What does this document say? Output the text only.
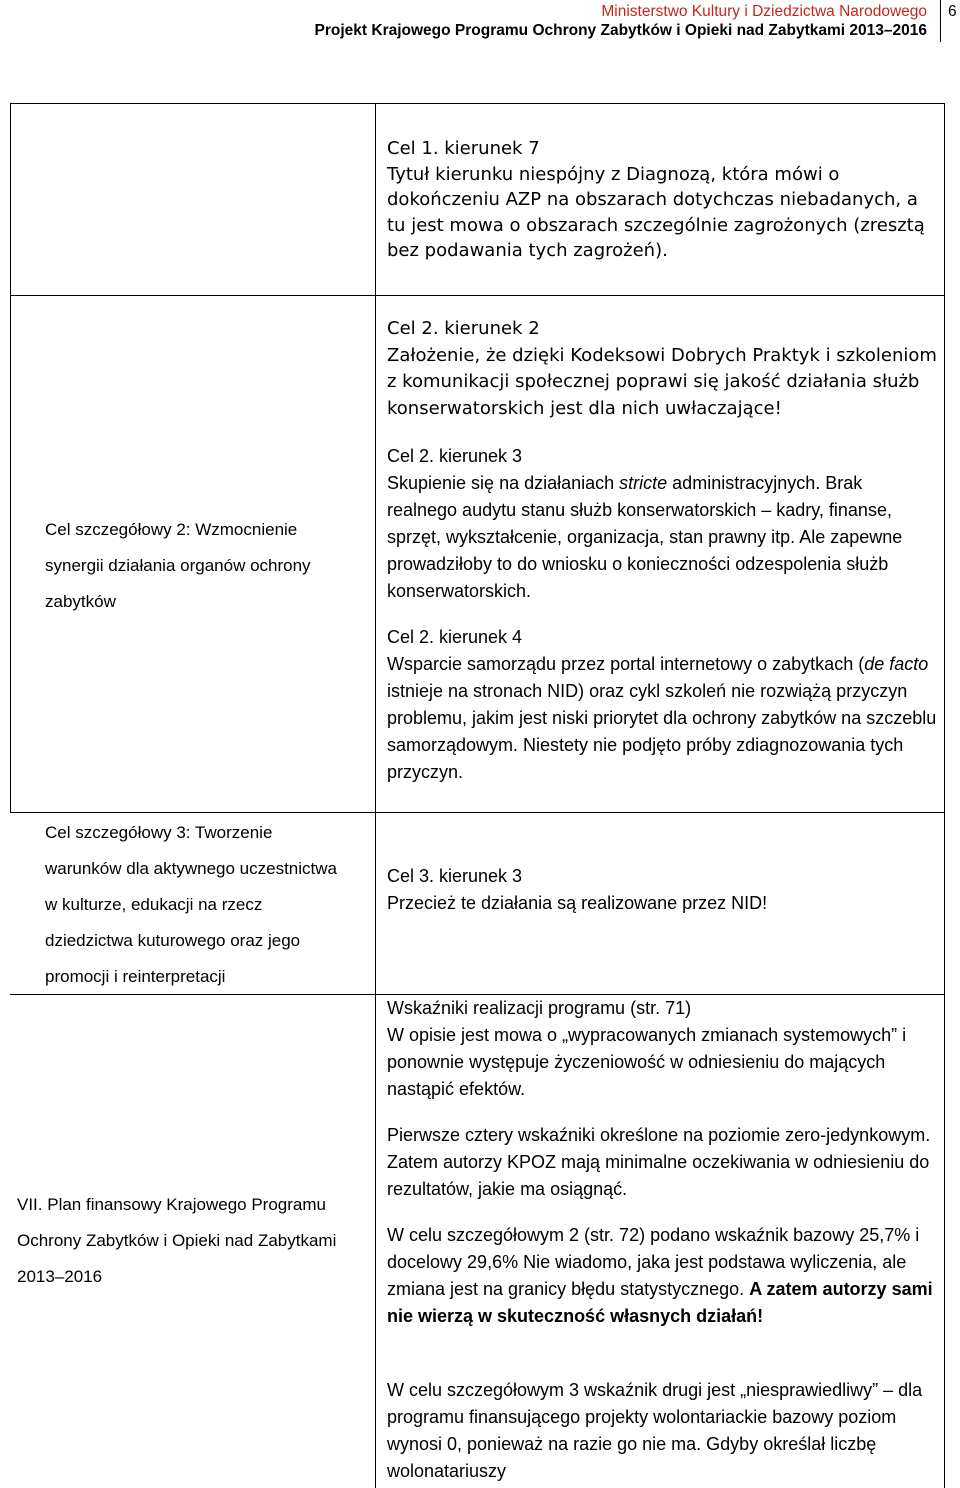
Ministerstwo Kultury i Dziedzictwa Narodowego
Projekt Krajowego Programu Ochrony Zabytków i Opieki nad Zabytkami 2013–2016
6

Cel szczegółowy 2: Wzmocnienie

synergii działania organów ochrony

zabytków

Cel szczegółowy 3: Tworzenie

warunków dla aktywnego uczestnictwa

w kulturze, edukacji na rzecz

dziedzictwa kuturowego oraz jego

promocji i reinterpretacji

VII. Plan finansowy Krajowego Programu

Ochrony Zabytków i Opieki nad Zabytkami

2013–2016

Cel 1. kierunek 7

Tytuł kierunku niespójny z Diagnozą, która mówi o dokończeniu AZP na obszarach dotychczas niebadanych, a tu jest mowa o obszarach szczególnie zagrożonych (zresztą bez podawania tych zagrożeń).

Cel 2. kierunek 2

Założenie, że dzięki Kodeksowi Dobrych Praktyk i szkoleniom z komunikacji społecznej poprawi się jakość działania służb konserwatorskich jest dla nich uwłaczające!

Cel 2. kierunek 3

Skupienie się na działaniach stricte administracyjnych. Brak realnego audytu stanu służb konserwatorskich – kadry, finanse, sprzęt, wykształcenie, organizacja, stan prawny itp. Ale zapewne prowadziłoby to do wniosku o konieczności odzespolenia służb konserwatorskich.

Cel 2. kierunek 4

Wsparcie samorządu przez portal internetowy o zabytkach (de facto istnieje na stronach NID) oraz cykl szkoleń nie rozwiążą przyczyn problemu, jakim jest niski priorytet dla ochrony zabytków na szczeblu samorządowym. Niestety nie podjęto próby zdiagnozowania tych przyczyn.

Cel 3. kierunek 3

Przecież te działania są realizowane przez NID!

Wskaźniki realizacji programu (str. 71)

W opisie jest mowa o „wypracowanych zmianach systemowych” i ponownie występuje życzeniowość w odniesieniu do mających nastąpić efektów.

Pierwsze cztery wskaźniki określone na poziomie zero-jedynkowym. Zatem autorzy KPOZ mają minimalne oczekiwania w odniesieniu do rezultatów, jakie ma osiągnąć.

W celu szczegółowym 2 (str. 72) podano wskaźnik bazowy 25,7% i docelowy 29,6% Nie wiadomo, jaka jest podstawa wyliczenia, ale zmiana jest na granicy błędu statystycznego. A zatem autorzy sami nie wierzą w skuteczność własnych działań!

W celu szczegółowym 3 wskaźnik drugi jest „niesprawiedliwy” – dla programu finansującego projekty wolontariackie bazowy poziom wynosi 0, ponieważ na razie go nie ma. Gdyby określał liczbę wolonatariuszy
